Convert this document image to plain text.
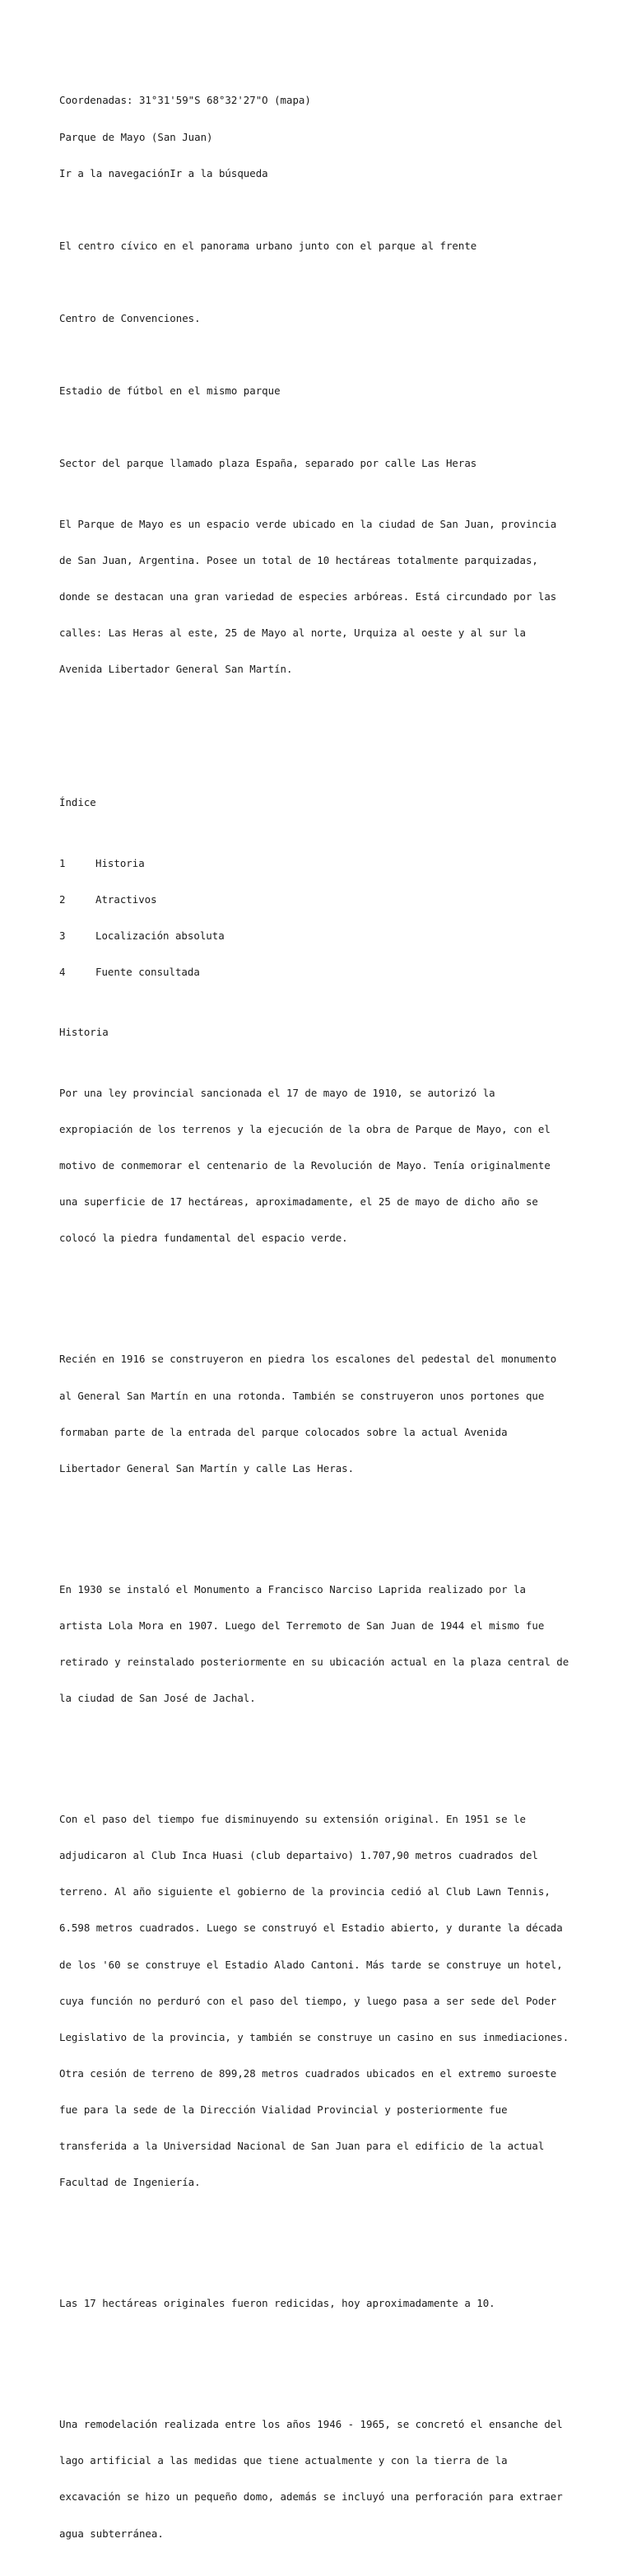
Coordenadas: 31°31'59"S 68°32'27"O (mapa)

Parque de Mayo (San Juan)

Ir a la navegaciónIr a la búsqueda

El centro cívico en el panorama urbano junto con el parque al frente

Centro de Convenciones.

Estadio de fútbol en el mismo parque

Sector del parque llamado plaza España, separado por calle Las Heras

El Parque de Mayo es un espacio verde ubicado en la ciudad de San Juan, provincia

de San Juan, Argentina. Posee un total de 10 hectáreas totalmente parquizadas,

donde se destacan una gran variedad de especies arbóreas. Está circundado por las

calles: Las Heras al este, 25 de Mayo al norte, Urquiza al oeste y al sur la

Avenida Libertador General San Martín.

Índice

1	Historia

2	Atractivos

3	Localización absoluta

4	Fuente consultada

Historia

Por una ley provincial sancionada el 17 de mayo de 1910, se autorizó la

expropiación de los terrenos y la ejecución de la obra de Parque de Mayo, con el

motivo de conmemorar el centenario de la Revolución de Mayo. Tenía originalmente

una superficie de 17 hectáreas, aproximadamente, el 25 de mayo de dicho año se

colocó la piedra fundamental del espacio verde.

Recién en 1916 se construyeron en piedra los escalones del pedestal del monumento

al General San Martín en una rotonda. También se construyeron unos portones que

formaban parte de la entrada del parque colocados sobre la actual Avenida

Libertador General San Martín y calle Las Heras.

En 1930 se instaló el Monumento a Francisco Narciso Laprida realizado por la

artista Lola Mora en 1907. Luego del Terremoto de San Juan de 1944 el mismo fue

retirado y reinstalado posteriormente en su ubicación actual en la plaza central de

la ciudad de San José de Jachal.

Con el paso del tiempo fue disminuyendo su extensión original. En 1951 se le

adjudicaron al Club Inca Huasi (club departaivo) 1.707,90 metros cuadrados del

terreno. Al año siguiente el gobierno de la provincia cedió al Club Lawn Tennis,

6.598 metros cuadrados. Luego se construyó el Estadio abierto, y durante la década

de los '60 se construye el Estadio Alado Cantoni. Más tarde se construye un hotel,

cuya función no perduró con el paso del tiempo, y luego pasa a ser sede del Poder

Legislativo de la provincia, y también se construye un casino en sus inmediaciones.

Otra cesión de terreno de 899,28 metros cuadrados ubicados en el extremo suroeste

fue para la sede de la Dirección Vialidad Provincial y posteriormente fue

transferida a la Universidad Nacional de San Juan para el edificio de la actual

Facultad de Ingeniería.

Las 17 hectáreas originales fueron redicidas, hoy aproximadamente a 10.

Una remodelación realizada entre los años 1946 - 1965, se concretó el ensanche del

lago artificial a las medidas que tiene actualmente y con la tierra de la

excavación se hizo un pequeño domo, además se incluyó una perforación para extraer

agua subterránea.
